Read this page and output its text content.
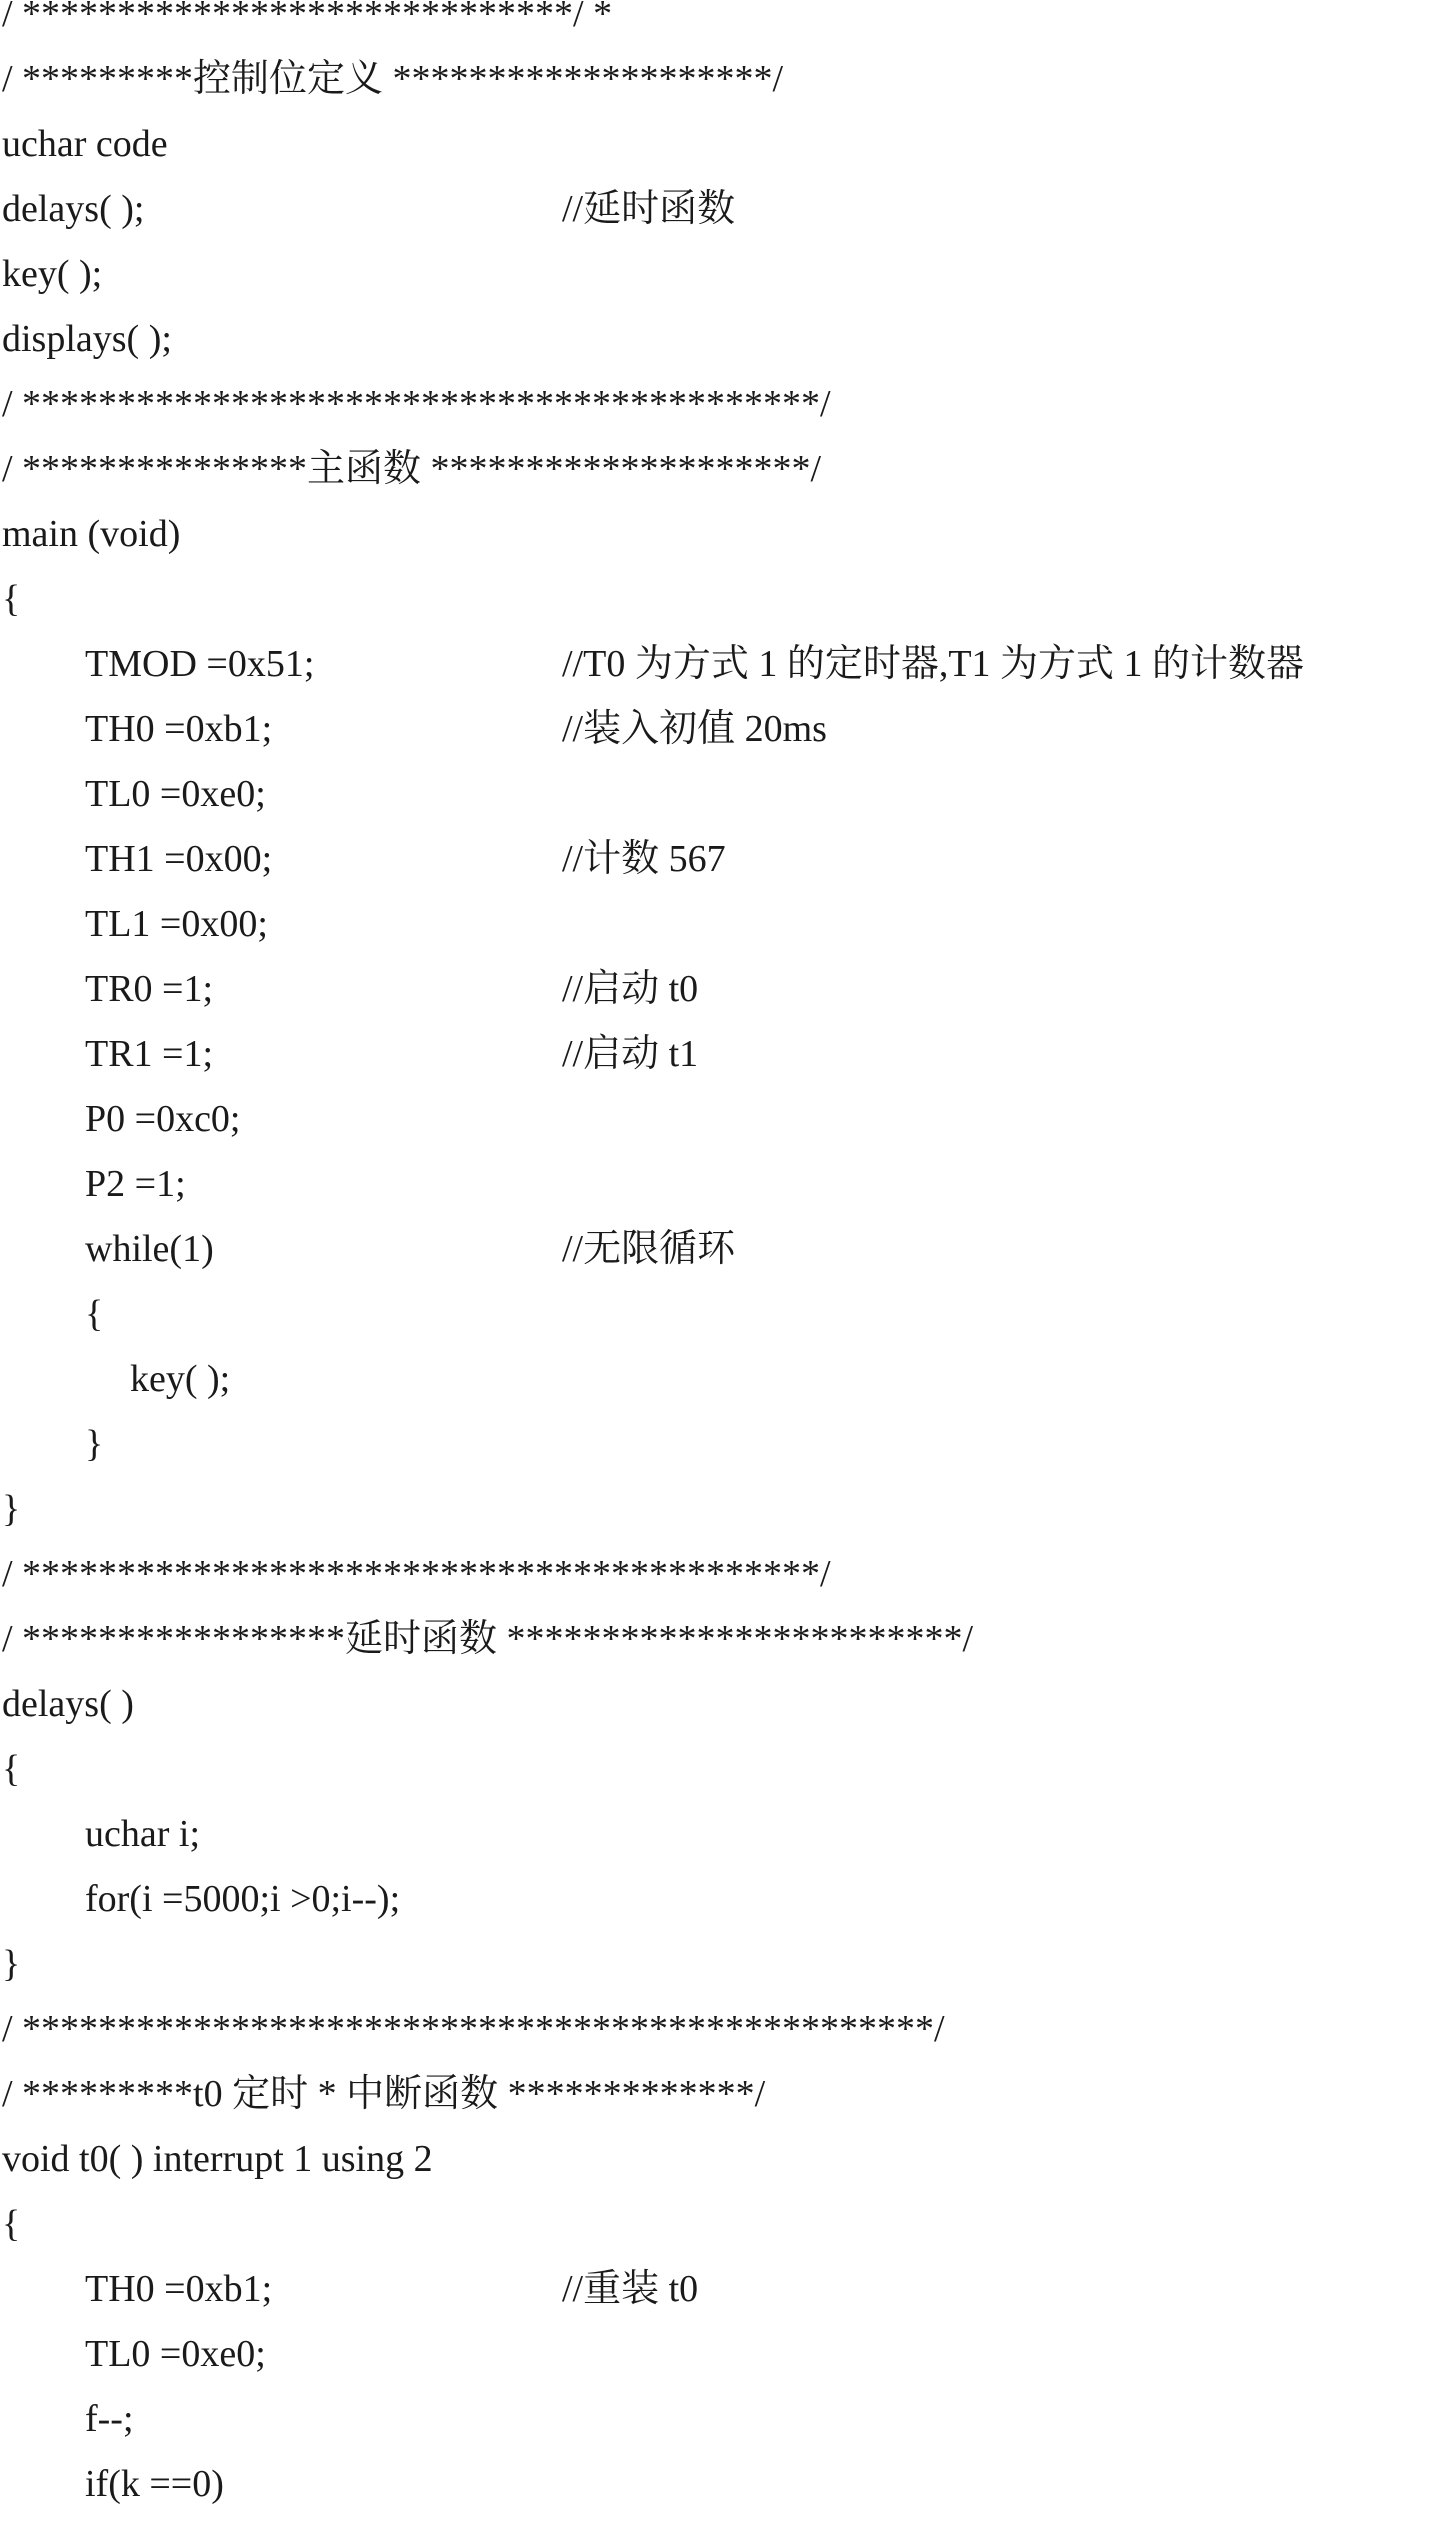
/ *****************************/ *
/ *********控制位定义 ********************/
uchar code
delays( );	//延时函数
key( );
displays( );
/ ******************************************/
/ ***************主函数 ********************/
main (void)
{
TMOD =0x51;	//T0 为方式 1 的定时器,T1 为方式 1 的计数器
TH0 =0xb1;	//装入初值 20ms
TL0 =0xe0;
TH1 =0x00;	//计数 567
TL1 =0x00;
TR0 =1;	//启动 t0
TR1 =1;	//启动 t1
P0 =0xc0;
P2 =1;
while(1)	//无限循环
{
key( );
}
}
/ ******************************************/
/ *****************延时函数 ************************/
delays( )
{
uchar i;
for(i =5000;i >0;i--);
}
/ ************************************************/
/ *********t0 定时 * 中断函数 *************/
void t0( ) interrupt 1 using 2
{
TH0 =0xb1;	//重装 t0
TL0 =0xe0;
f--;
if(k ==0)
